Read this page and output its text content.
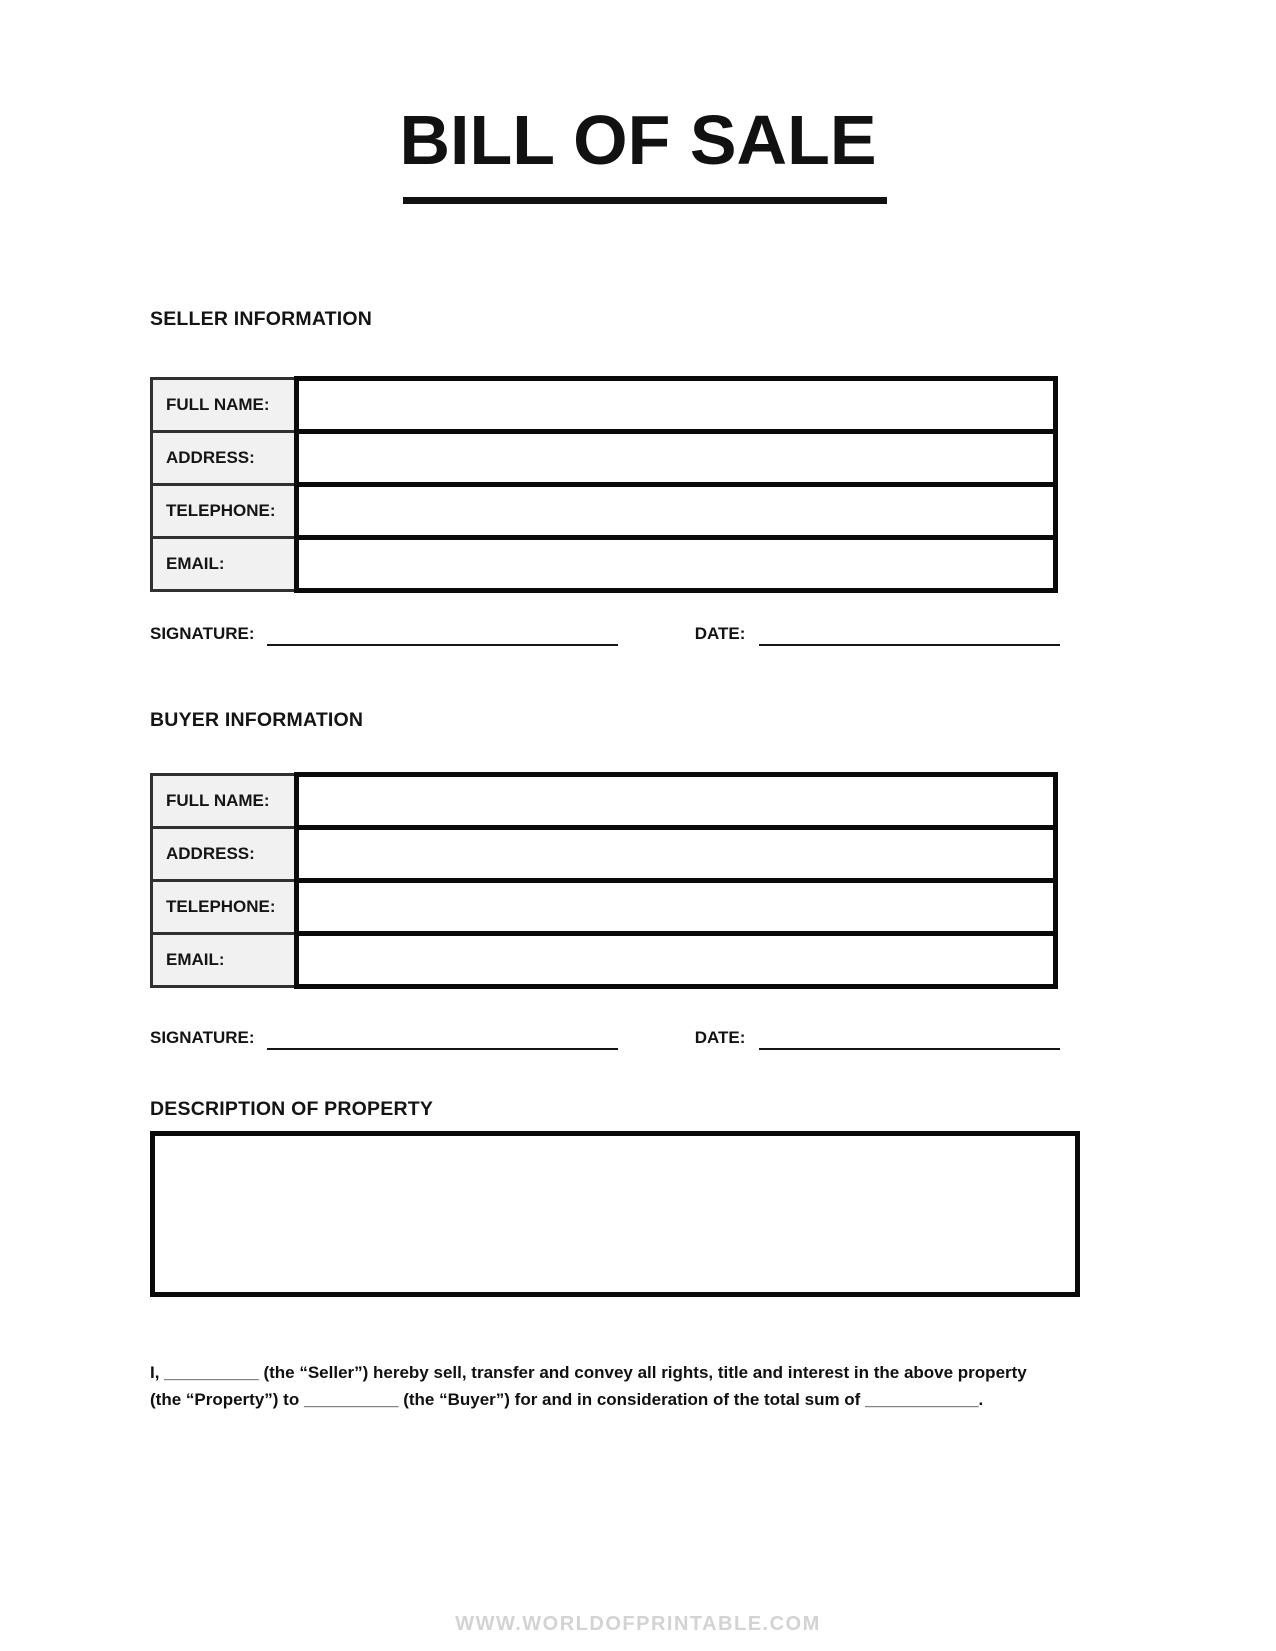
BILL OF SALE
SELLER INFORMATION
FULL NAME:	
ADDRESS:	
TELEPHONE:	
EMAIL:	
SIGNATURE:	DATE:
BUYER INFORMATION
FULL NAME:	
ADDRESS:	
TELEPHONE:	
EMAIL:	
SIGNATURE:	DATE:
DESCRIPTION OF PROPERTY
I, __________ (the “Seller”) hereby sell, transfer and convey all rights, title and interest in the above property
(the “Property”) to __________ (the “Buyer”) for and in consideration of the total sum of ____________.
WWW.WORLDOFPRINTABLE.COM
